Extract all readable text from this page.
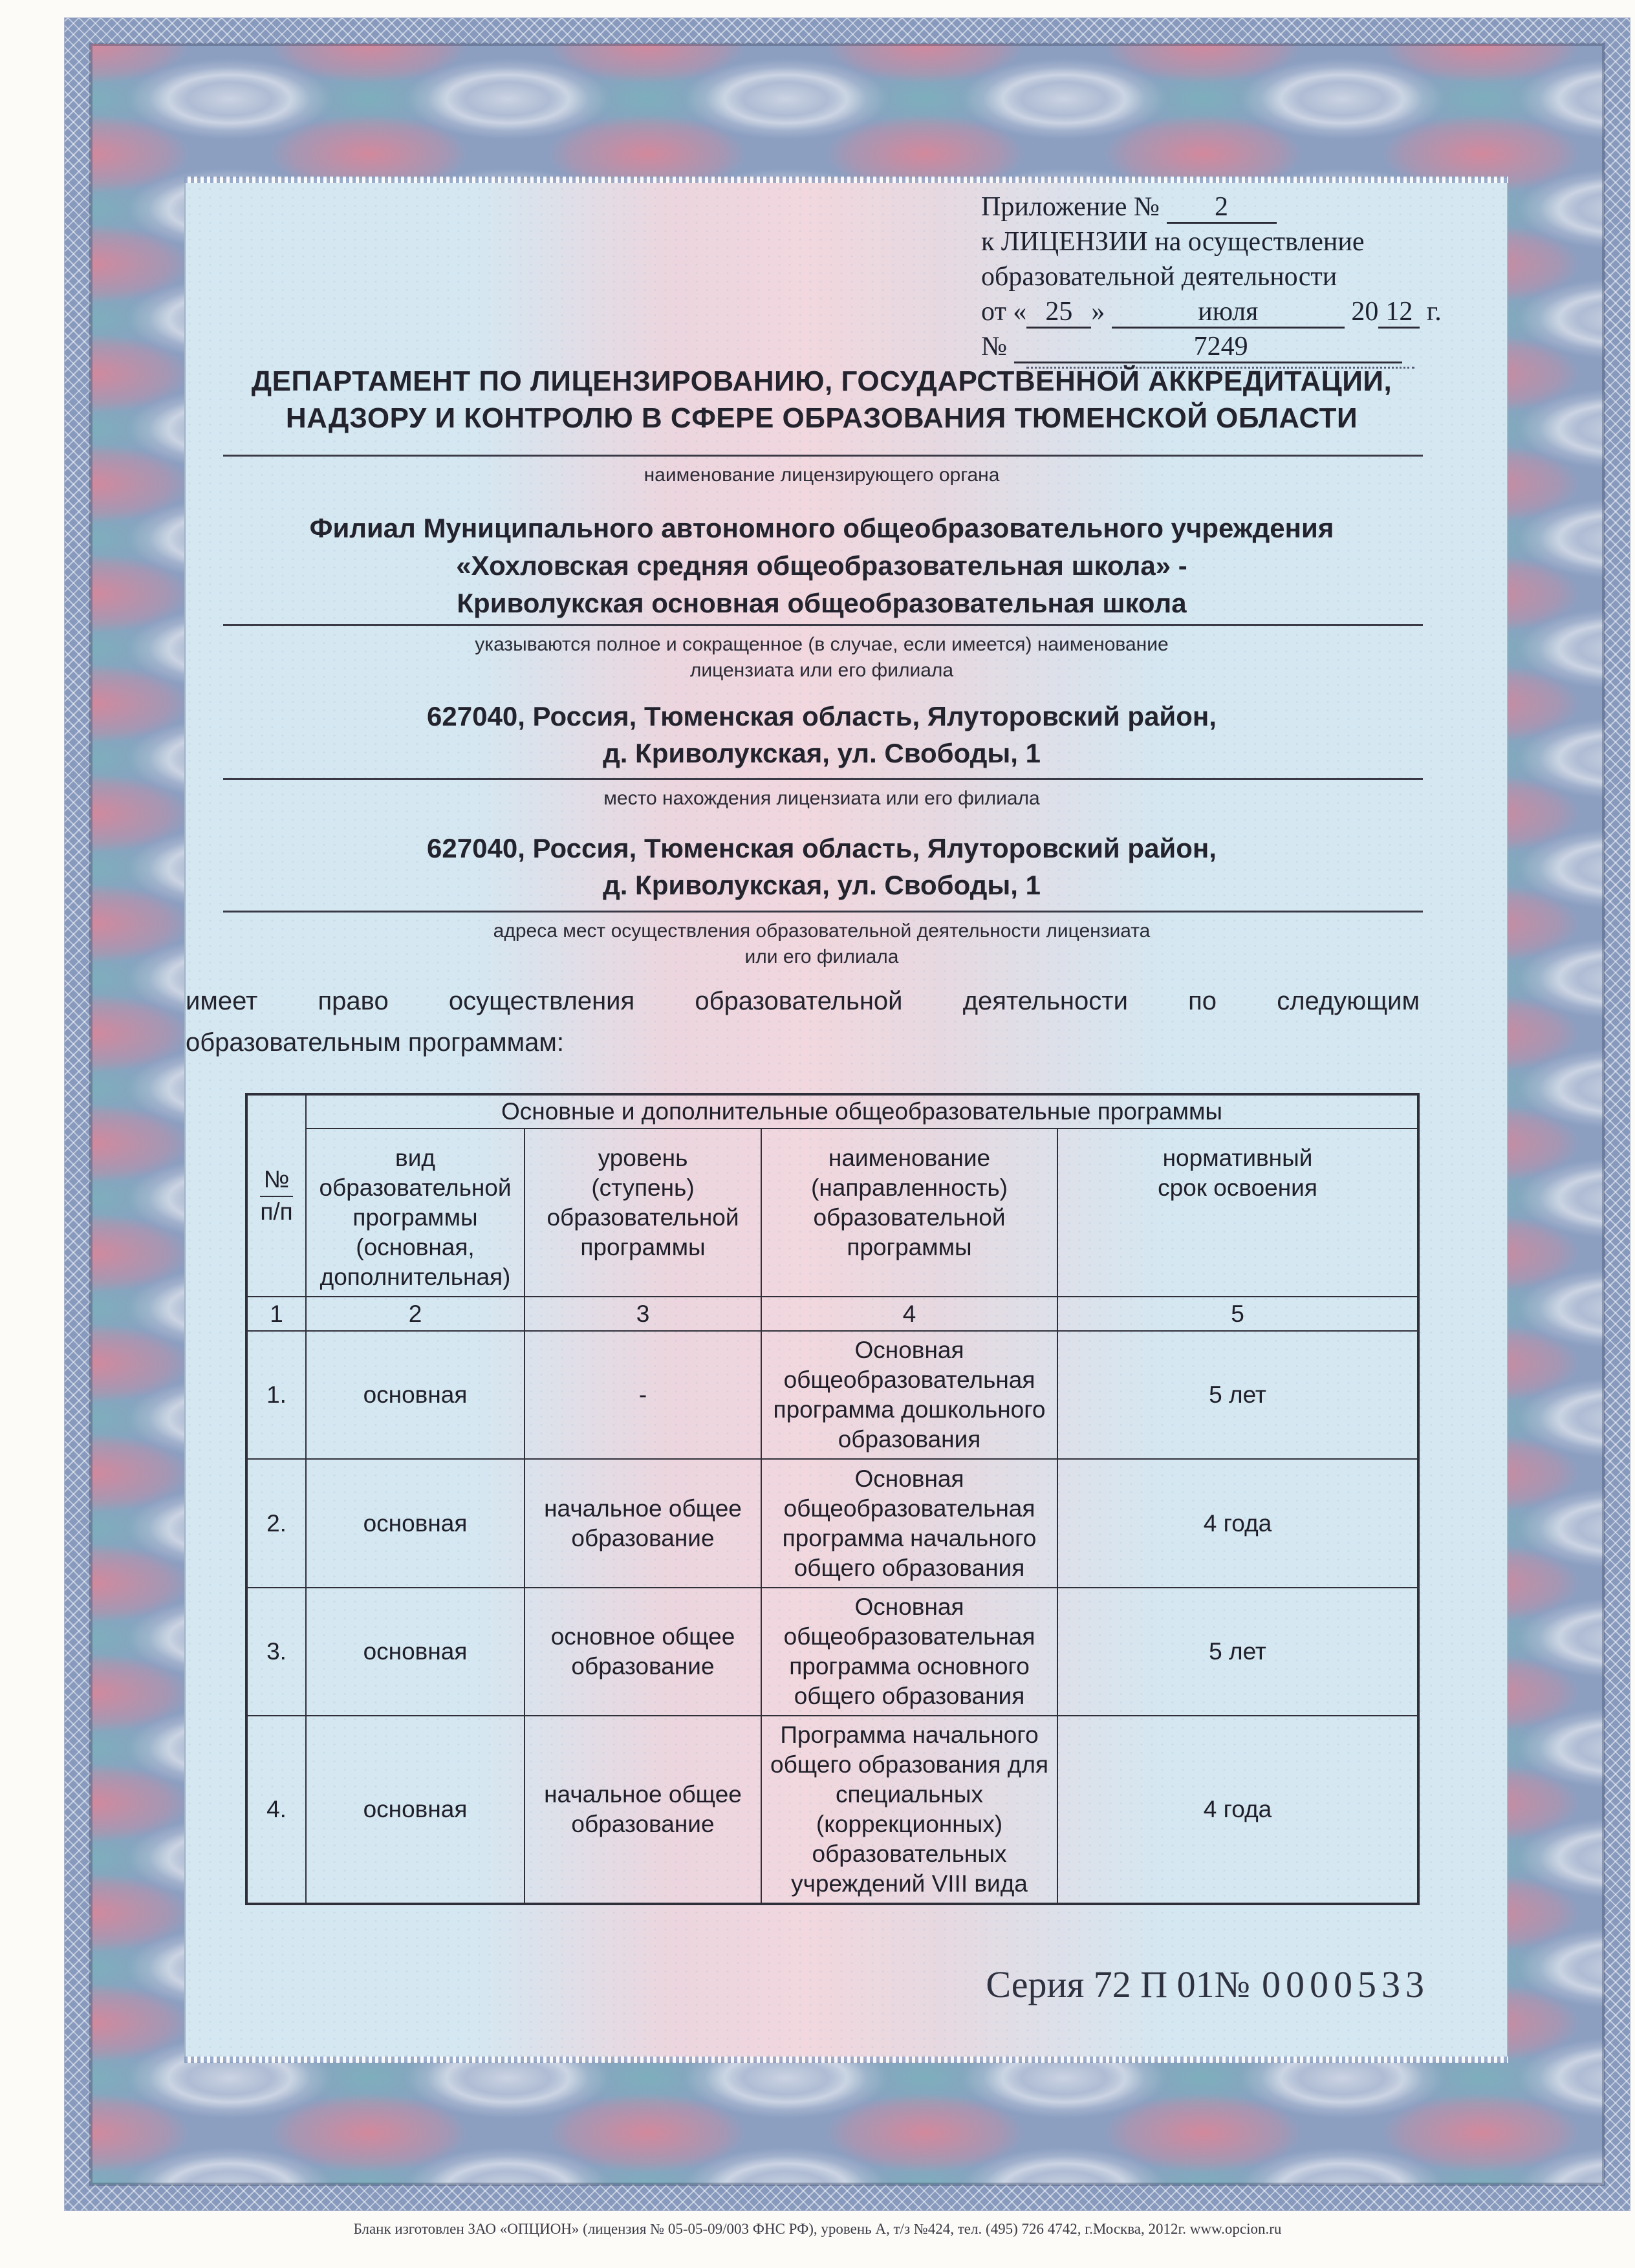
Приложение № 2
к ЛИЦЕНЗИИ на осуществление
образовательной деятельности
от « 25 »	июля	20 12 г.
№	7249
ДЕПАРТАМЕНТ ПО ЛИЦЕНЗИРОВАНИЮ, ГОСУДАРСТВЕННОЙ АККРЕДИТАЦИИ,
НАДЗОРУ И КОНТРОЛЮ В СФЕРЕ ОБРАЗОВАНИЯ ТЮМЕНСКОЙ ОБЛАСТИ
наименование лицензирующего органа
Филиал Муниципального автономного общеобразовательного учреждения
«Хохловская средняя общеобразовательная школа» -
Криволукская основная общеобразовательная школа
указываются полное и сокращенное (в случае, если имеется) наименование
лицензиата или его филиала
627040, Россия, Тюменская область, Ялуторовский район,
д. Криволукская, ул. Свободы, 1
место нахождения лицензиата или его филиала
627040, Россия, Тюменская область, Ялуторовский район,
д. Криволукская, ул. Свободы, 1
адреса мест осуществления образовательной деятельности лицензиата
или его филиала
имеет право осуществления образовательной деятельности по следующим
образовательным программам:
№
п/п	Основные и дополнительные общеобразовательные программы			
	вид образовательной программы (основная, дополнительная)	уровень (ступень) образовательной программы	наименование (направленность) образовательной программы	нормативный срок освоения
1	2	3	4	5
1.	основная	-	Основная общеобразовательная программа дошкольного образования	5 лет
2.	основная	начальное общее образование	Основная общеобразовательная программа начального общего образования	4 года
3.	основная	основное общее образование	Основная общеобразовательная программа основного общего образования	5 лет
4.	основная	начальное общее образование	Программа начального общего образования для специальных (коррекционных) образовательных учреждений VIII вида	4 года
Серия 72 П 01№ 0000533
Бланк изготовлен ЗАО «ОПЦИОН» (лицензия № 05-05-09/003 ФНС РФ), уровень А, т/з №424, тел. (495) 726 4742, г.Москва, 2012г. www.opcion.ru
